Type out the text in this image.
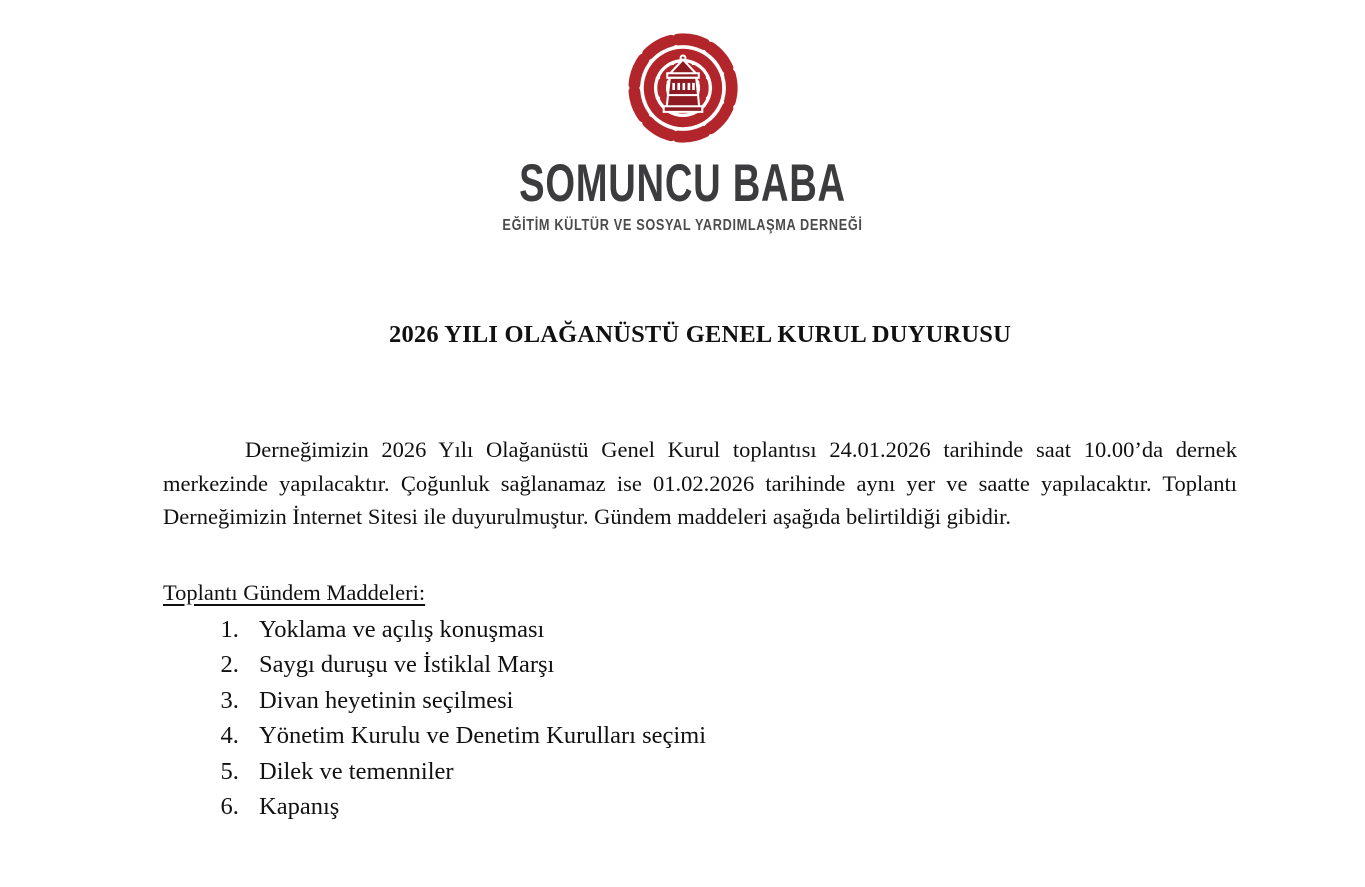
SOMUNCU BABA
EĞİTİM KÜLTÜR VE SOSYAL YARDIMLAŞMA DERNEĞİ
2026 YILI OLAĞANÜSTÜ GENEL KURUL DUYURUSU

Derneğimizin 2026 Yılı Olağanüstü Genel Kurul toplantısı 24.01.2026 tarihinde saat 10.00’da dernek merkezinde yapılacaktır. Çoğunluk sağlanamaz ise 01.02.2026 tarihinde aynı yer ve saatte yapılacaktır. Toplantı Derneğimizin İnternet Sitesi ile duyurulmuştur. Gündem maddeleri aşağıda belirtildiği gibidir.

Toplantı Gündem Maddeleri:
1. Yoklama ve açılış konuşması
2. Saygı duruşu ve İstiklal Marşı
3. Divan heyetinin seçilmesi
4. Yönetim Kurulu ve Denetim Kurulları seçimi
5. Dilek ve temenniler
6. Kapanış
